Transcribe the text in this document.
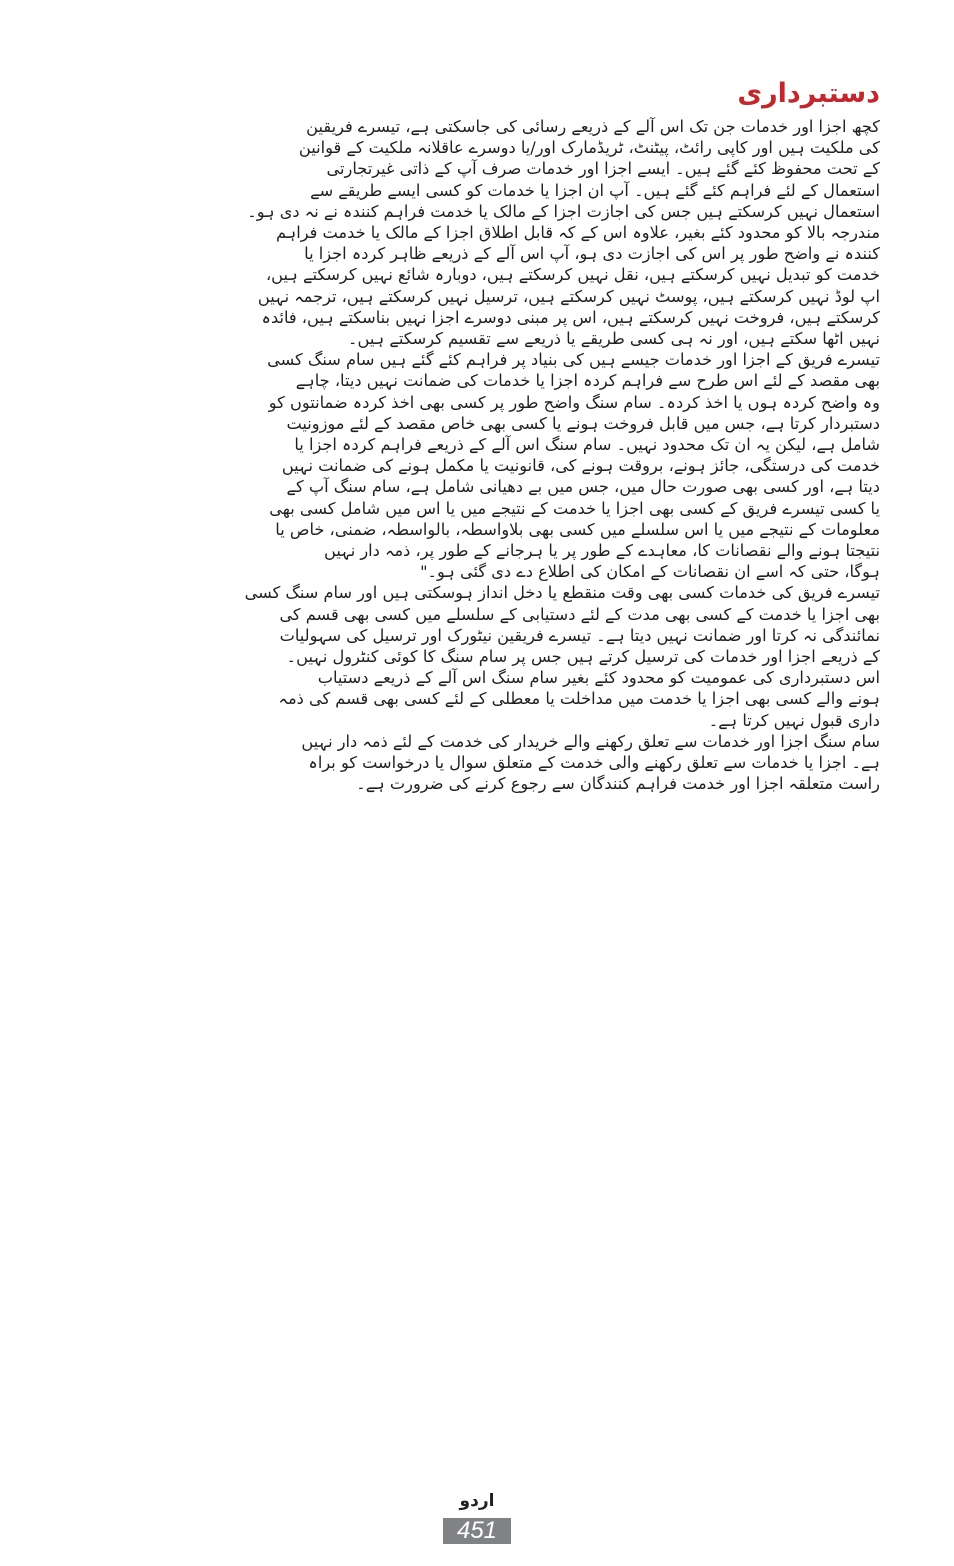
دستبرداری
کچھ اجزا اور خدمات جن تک اس آلے کے ذریعے رسائی کی جاسکتی ہے، تیسرے فریقین
کی ملکیت ہیں اور کاپی رائٹ، پیٹنٹ، ٹریڈمارک اور/یا دوسرے عاقلانہ ملکیت کے قوانین
کے تحت محفوظ کئے گئے ہیں۔ ایسے اجزا اور خدمات صرف آپ کے ذاتی غیرتجارتی
استعمال کے لئے فراہم کئے گئے ہیں۔ آپ ان اجزا یا خدمات کو کسی ایسے طریقے سے
استعمال نہیں کرسکتے ہیں جس کی اجازت اجزا کے مالک یا خدمت فراہم کنندہ نے نہ دی ہو۔
مندرجہ بالا کو محدود کئے بغیر، علاوہ اس کے کہ قابل اطلاق اجزا کے مالک یا خدمت فراہم
کنندہ نے واضح طور پر اس کی اجازت دی ہو، آپ اس آلے کے ذریعے ظاہر کردہ اجزا یا
خدمت کو تبدیل نہیں کرسکتے ہیں، نقل نہیں کرسکتے ہیں، دوبارہ شائع نہیں کرسکتے ہیں،
اپ لوڈ نہیں کرسکتے ہیں، پوسٹ نہیں کرسکتے ہیں، ترسیل نہیں کرسکتے ہیں، ترجمہ نہیں
کرسکتے ہیں، فروخت نہیں کرسکتے ہیں، اس پر مبنی دوسرے اجزا نہیں بناسکتے ہیں، فائدہ
نہیں اٹھا سکتے ہیں، اور نہ ہی کسی طریقے یا ذریعے سے تقسیم کرسکتے ہیں۔
تیسرے فریق کے اجزا اور خدمات جیسے ہیں کی بنیاد پر فراہم کئے گئے ہیں سام سنگ کسی
بھی مقصد کے لئے اس طرح سے فراہم کردہ اجزا یا خدمات کی ضمانت نہیں دیتا، چاہے
وہ واضح کردہ ہوں یا اخذ کردہ۔ سام سنگ واضح طور پر کسی بھی اخذ کردہ ضمانتوں کو
دستبردار کرتا ہے، جس میں قابل فروخت ہونے یا کسی بھی خاص مقصد کے لئے موزونیت
شامل ہے، لیکن یہ ان تک محدود نہیں۔ سام سنگ اس آلے کے ذریعے فراہم کردہ اجزا یا
خدمت کی درستگی، جائز ہونے، بروقت ہونے کی، قانونیت یا مکمل ہونے کی ضمانت نہیں
دیتا ہے، اور کسی بھی صورت حال میں، جس میں بے دھیانی شامل ہے، سام سنگ آپ کے
یا کسی تیسرے فریق کے کسی بھی اجزا یا خدمت کے نتیجے میں یا اس میں شامل کسی بھی
معلومات کے نتیجے میں یا اس سلسلے میں کسی بھی بلاواسطہ، بالواسطہ، ضمنی، خاص یا
نتیجتا ہونے والے نقصانات کا، معاہدے کے طور پر یا ہرجانے کے طور پر، ذمہ دار نہیں
ہوگا، حتی کہ اسے ان نقصانات کے امکان کی اطلاع دے دی گئی ہو۔"
تیسرے فریق کی خدمات کسی بھی وقت منقطع یا دخل انداز ہوسکتی ہیں اور سام سنگ کسی
بھی اجزا یا خدمت کے کسی بھی مدت کے لئے دستیابی کے سلسلے میں کسی بھی قسم کی
نمائندگی نہ کرتا اور ضمانت نہیں دیتا ہے۔ تیسرے فریقین نیٹورک اور ترسیل کی سہولیات
کے ذریعے اجزا اور خدمات کی ترسیل کرتے ہیں جس پر سام سنگ کا کوئی کنٹرول نہیں۔
اس دستبرداری کی عمومیت کو محدود کئے بغیر سام سنگ اس آلے کے ذریعے دستیاب
ہونے والے کسی بھی اجزا یا خدمت میں مداخلت یا معطلی کے لئے کسی بھی قسم کی ذمہ
داری قبول نہیں کرتا ہے۔
سام سنگ اجزا اور خدمات سے تعلق رکھنے والے خریدار کی خدمت کے لئے ذمہ دار نہیں
ہے۔ اجزا یا خدمات سے تعلق رکھنے والی خدمت کے متعلق سوال یا درخواست کو براہ
راست متعلقہ اجزا اور خدمت فراہم کنندگان سے رجوع کرنے کی ضرورت ہے۔
اردو
451
